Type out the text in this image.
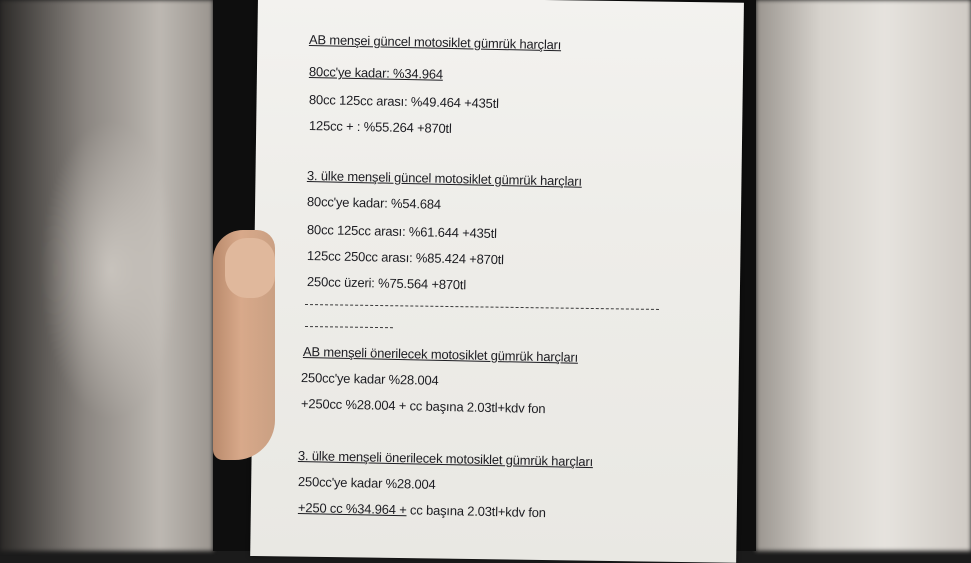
AB menşei güncel motosiklet gümrük harçları
80cc'ye kadar: %34.964
80cc 125cc arası: %49.464 +435tl
125cc + : %55.264 +870tl
3. ülke menşeli güncel motosiklet gümrük harçları
80cc'ye kadar: %54.684
80cc 125cc arası: %61.644 +435tl
125cc 250cc arası: %85.424 +870tl
250cc üzeri: %75.564 +870tl
AB menşeli önerilecek motosiklet gümrük harçları
250cc'ye kadar %28.004
+250cc %28.004 + cc başına 2.03tl+kdv fon
3. ülke menşeli önerilecek motosiklet gümrük harçları
250cc'ye kadar %28.004
+250 cc %34.964 + cc başına 2.03tl+kdv fon
